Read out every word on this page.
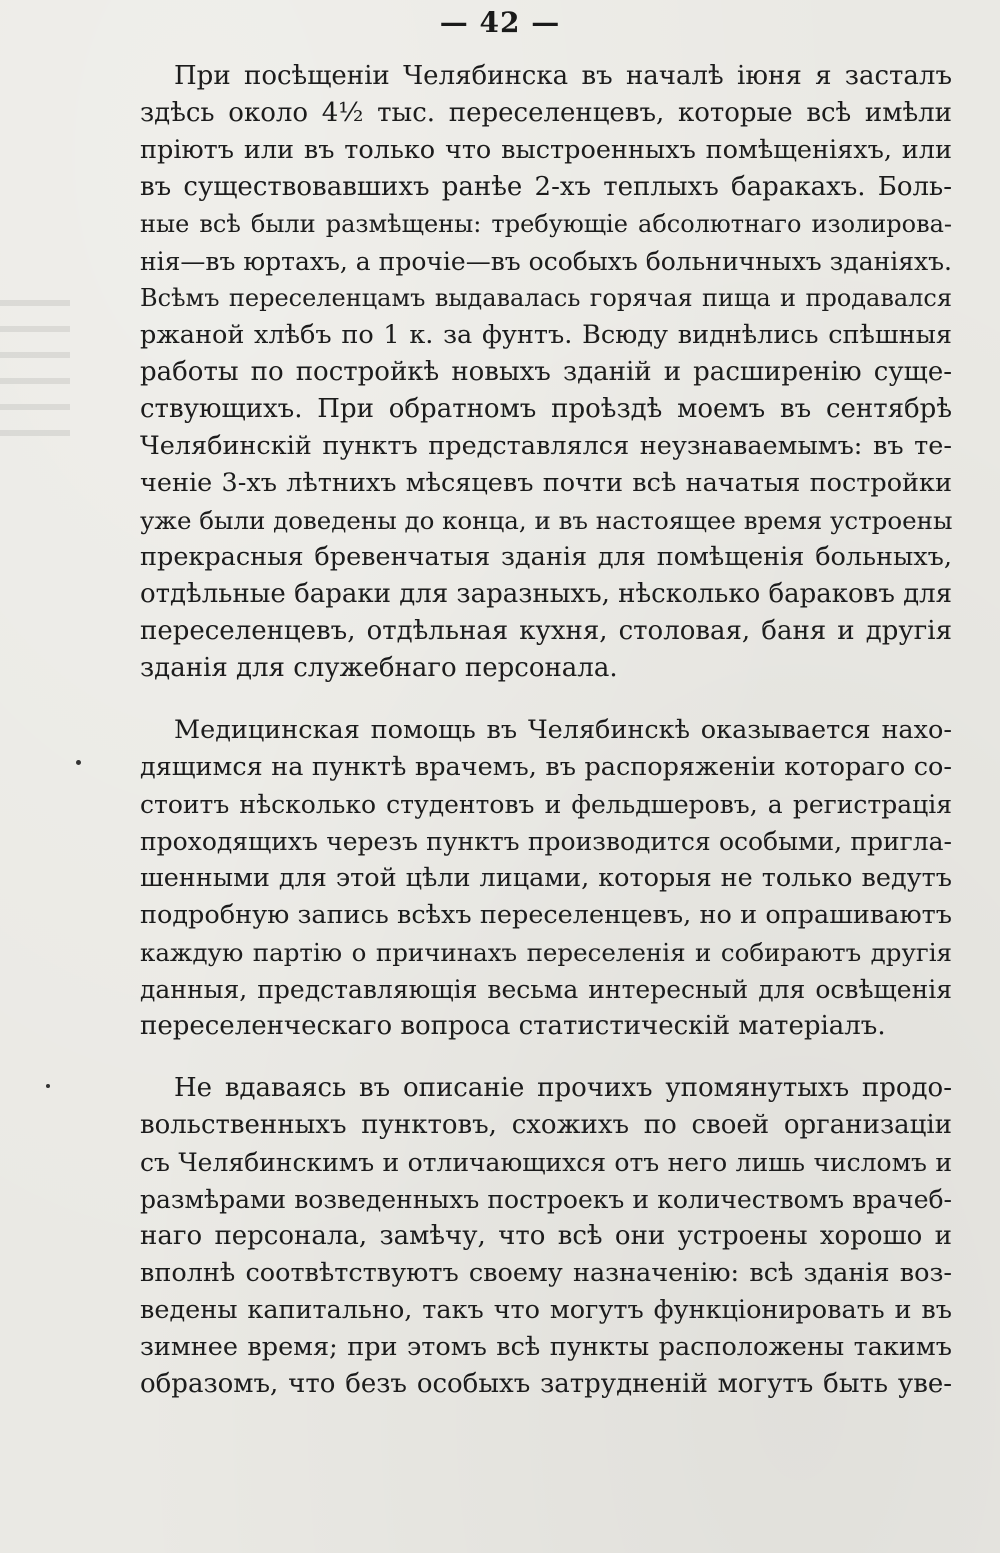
— 42 —
При посѣщеніи Челябинска въ началѣ іюня я засталъ
здѣсь около 4½ тыс. переселенцевъ, которые всѣ имѣли
пріютъ или въ только что выстроенныхъ помѣщеніяхъ, или
въ существовавшихъ ранѣе 2-хъ теплыхъ баракахъ. Боль-
ные всѣ были размѣщены: требующіе абсолютнаго изолирова-
нія—въ юртахъ, а прочіе—въ особыхъ больничныхъ зданіяхъ.
Всѣмъ переселенцамъ выдавалась горячая пища и продавался
ржаной хлѣбъ по 1 к. за фунтъ. Всюду виднѣлись спѣшныя
работы по постройкѣ новыхъ зданій и расширенію суще-
ствующихъ. При обратномъ проѣздѣ моемъ въ сентябрѣ
Челябинскій пунктъ представлялся неузнаваемымъ: въ те-
ченіе 3-хъ лѣтнихъ мѣсяцевъ почти всѣ начатыя постройки
уже были доведены до конца, и въ настоящее время устроены
прекрасныя бревенчатыя зданія для помѣщенія больныхъ,
отдѣльные бараки для заразныхъ, нѣсколько бараковъ для
переселенцевъ, отдѣльная кухня, столовая, баня и другія
зданія для служебнаго персонала.
Медицинская помощь въ Челябинскѣ оказывается нахо-
дящимся на пунктѣ врачемъ, въ распоряженіи котораго со-
стоитъ нѣсколько студентовъ и фельдшеровъ, а регистрація
проходящихъ черезъ пунктъ производится особыми, пригла-
шенными для этой цѣли лицами, которыя не только ведутъ
подробную запись всѣхъ переселенцевъ, но и опрашиваютъ
каждую партію о причинахъ переселенія и собираютъ другія
данныя, представляющія весьма интересный для освѣщенія
переселенческаго вопроса статистическій матеріалъ.
Не вдаваясь въ описаніе прочихъ упомянутыхъ продо-
вольственныхъ пунктовъ, схожихъ по своей организаціи
съ Челябинскимъ и отличающихся отъ него лишь числомъ и
размѣрами возведенныхъ построекъ и количествомъ врачеб-
наго персонала, замѣчу, что всѣ они устроены хорошо и
вполнѣ соотвѣтствуютъ своему назначенію: всѣ зданія воз-
ведены капитально, такъ что могутъ функціонировать и въ
зимнее время; при этомъ всѣ пункты расположены такимъ
образомъ, что безъ особыхъ затрудненій могутъ быть уве-
